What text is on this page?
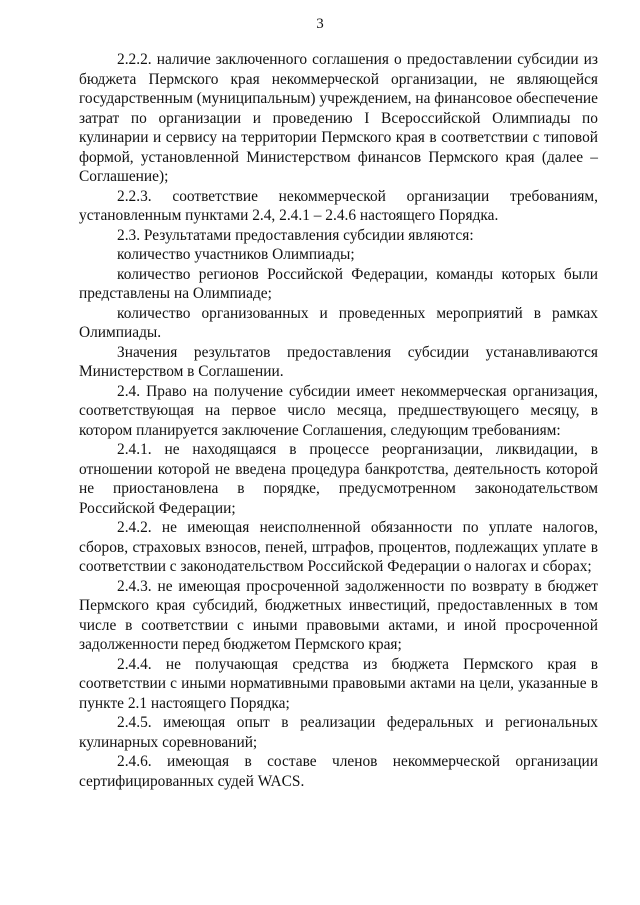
3

2.2.2. наличие заключенного соглашения о предоставлении субсидии из бюджета Пермского края некоммерческой организации, не являющейся государственным (муниципальным) учреждением, на финансовое обеспечение затрат по организации и проведению I Всероссийской Олимпиады по кулинарии и сервису на территории Пермского края в соответствии с типовой формой, установленной Министерством финансов Пермского края (далее – Соглашение);

2.2.3. соответствие некоммерческой организации требованиям, установленным пунктами 2.4, 2.4.1 – 2.4.6 настоящего Порядка.

2.3. Результатами предоставления субсидии являются:

количество участников Олимпиады;

количество регионов Российской Федерации, команды которых были представлены на Олимпиаде;

количество организованных и проведенных мероприятий в рамках Олимпиады.

Значения результатов предоставления субсидии устанавливаются Министерством в Соглашении.

2.4. Право на получение субсидии имеет некоммерческая организация, соответствующая на первое число месяца, предшествующего месяцу, в котором планируется заключение Соглашения, следующим требованиям:

2.4.1. не находящаяся в процессе реорганизации, ликвидации, в отношении которой не введена процедура банкротства, деятельность которой не приостановлена в порядке, предусмотренном законодательством Российской Федерации;

2.4.2. не имеющая неисполненной обязанности по уплате налогов, сборов, страховых взносов, пеней, штрафов, процентов, подлежащих уплате в соответствии с законодательством Российской Федерации о налогах и сборах;

2.4.3. не имеющая просроченной задолженности по возврату в бюджет Пермского края субсидий, бюджетных инвестиций, предоставленных в том числе в соответствии с иными правовыми актами, и иной просроченной задолженности перед бюджетом Пермского края;

2.4.4. не получающая средства из бюджета Пермского края в соответствии с иными нормативными правовыми актами на цели, указанные в пункте 2.1 настоящего Порядка;

2.4.5. имеющая опыт в реализации федеральных и региональных кулинарных соревнований;

2.4.6. имеющая в составе членов некоммерческой организации сертифицированных судей WACS.
